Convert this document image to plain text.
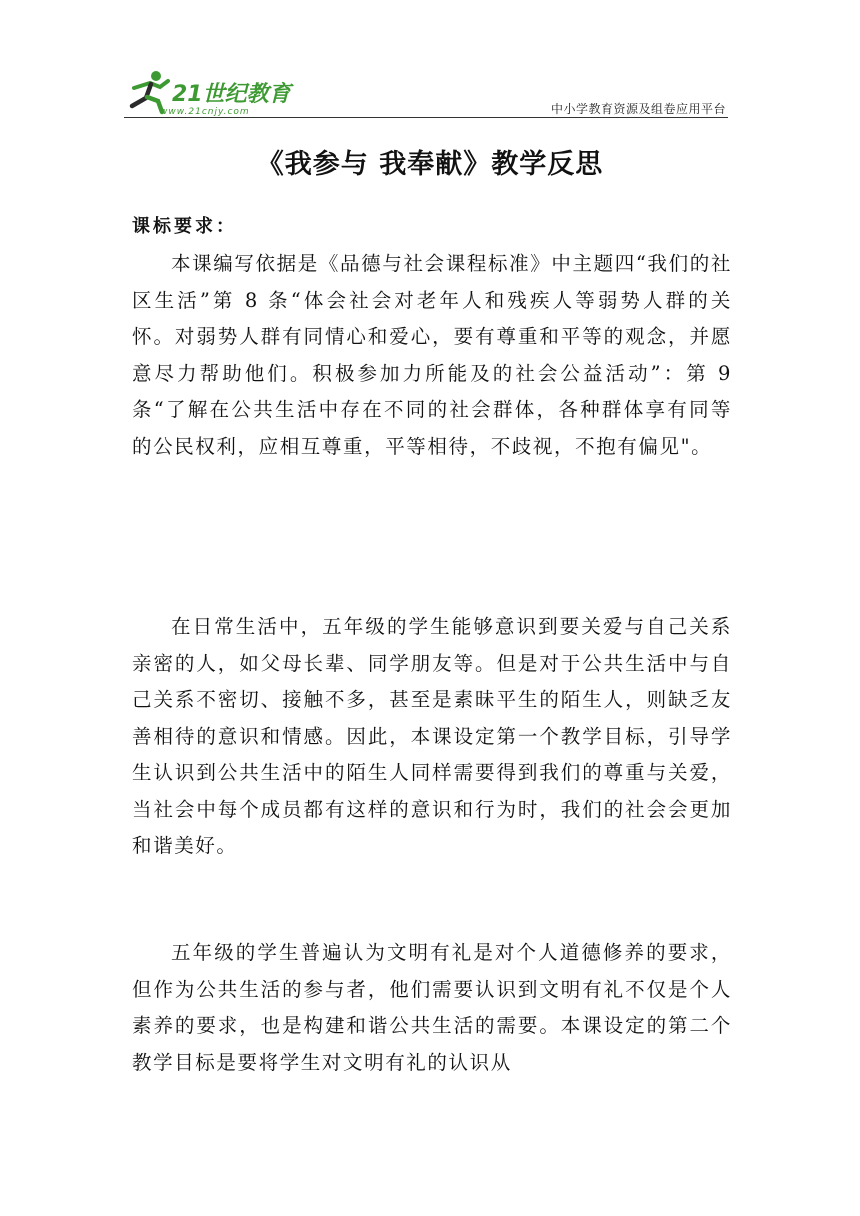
21世纪教育
www.21cnjy.com	中小学教育资源及组卷应用平台
《我参与 我奉献》教学反思
课标要求：

本课编写依据是《品德与社会课程标准》中主题四“我们的社区生活”第 8 条“体会社会对老年人和残疾人等弱势人群的关怀。对弱势人群有同情心和爱心，要有尊重和平等的观念，并愿意尽力帮助他们。积极参加力所能及的社会公益活动”：第 9 条“了解在公共生活中存在不同的社会群体，各种群体享有同等的公民权利，应相互尊重，平等相待，不歧视，不抱有偏见"。

在日常生活中，五年级的学生能够意识到要关爱与自己关系亲密的人，如父母长辈、同学朋友等。但是对于公共生活中与自己关系不密切、接触不多，甚至是素昧平生的陌生人，则缺乏友善相待的意识和情感。因此，本课设定第一个教学目标，引导学生认识到公共生活中的陌生人同样需要得到我们的尊重与关爱，当社会中每个成员都有这样的意识和行为时，我们的社会会更加和谐美好。

五年级的学生普遍认为文明有礼是对个人道德修养的要求，但作为公共生活的参与者，他们需要认识到文明有礼不仅是个人素养的要求，也是构建和谐公共生活的需要。本课设定的第二个教学目标是要将学生对文明有礼的认识从
